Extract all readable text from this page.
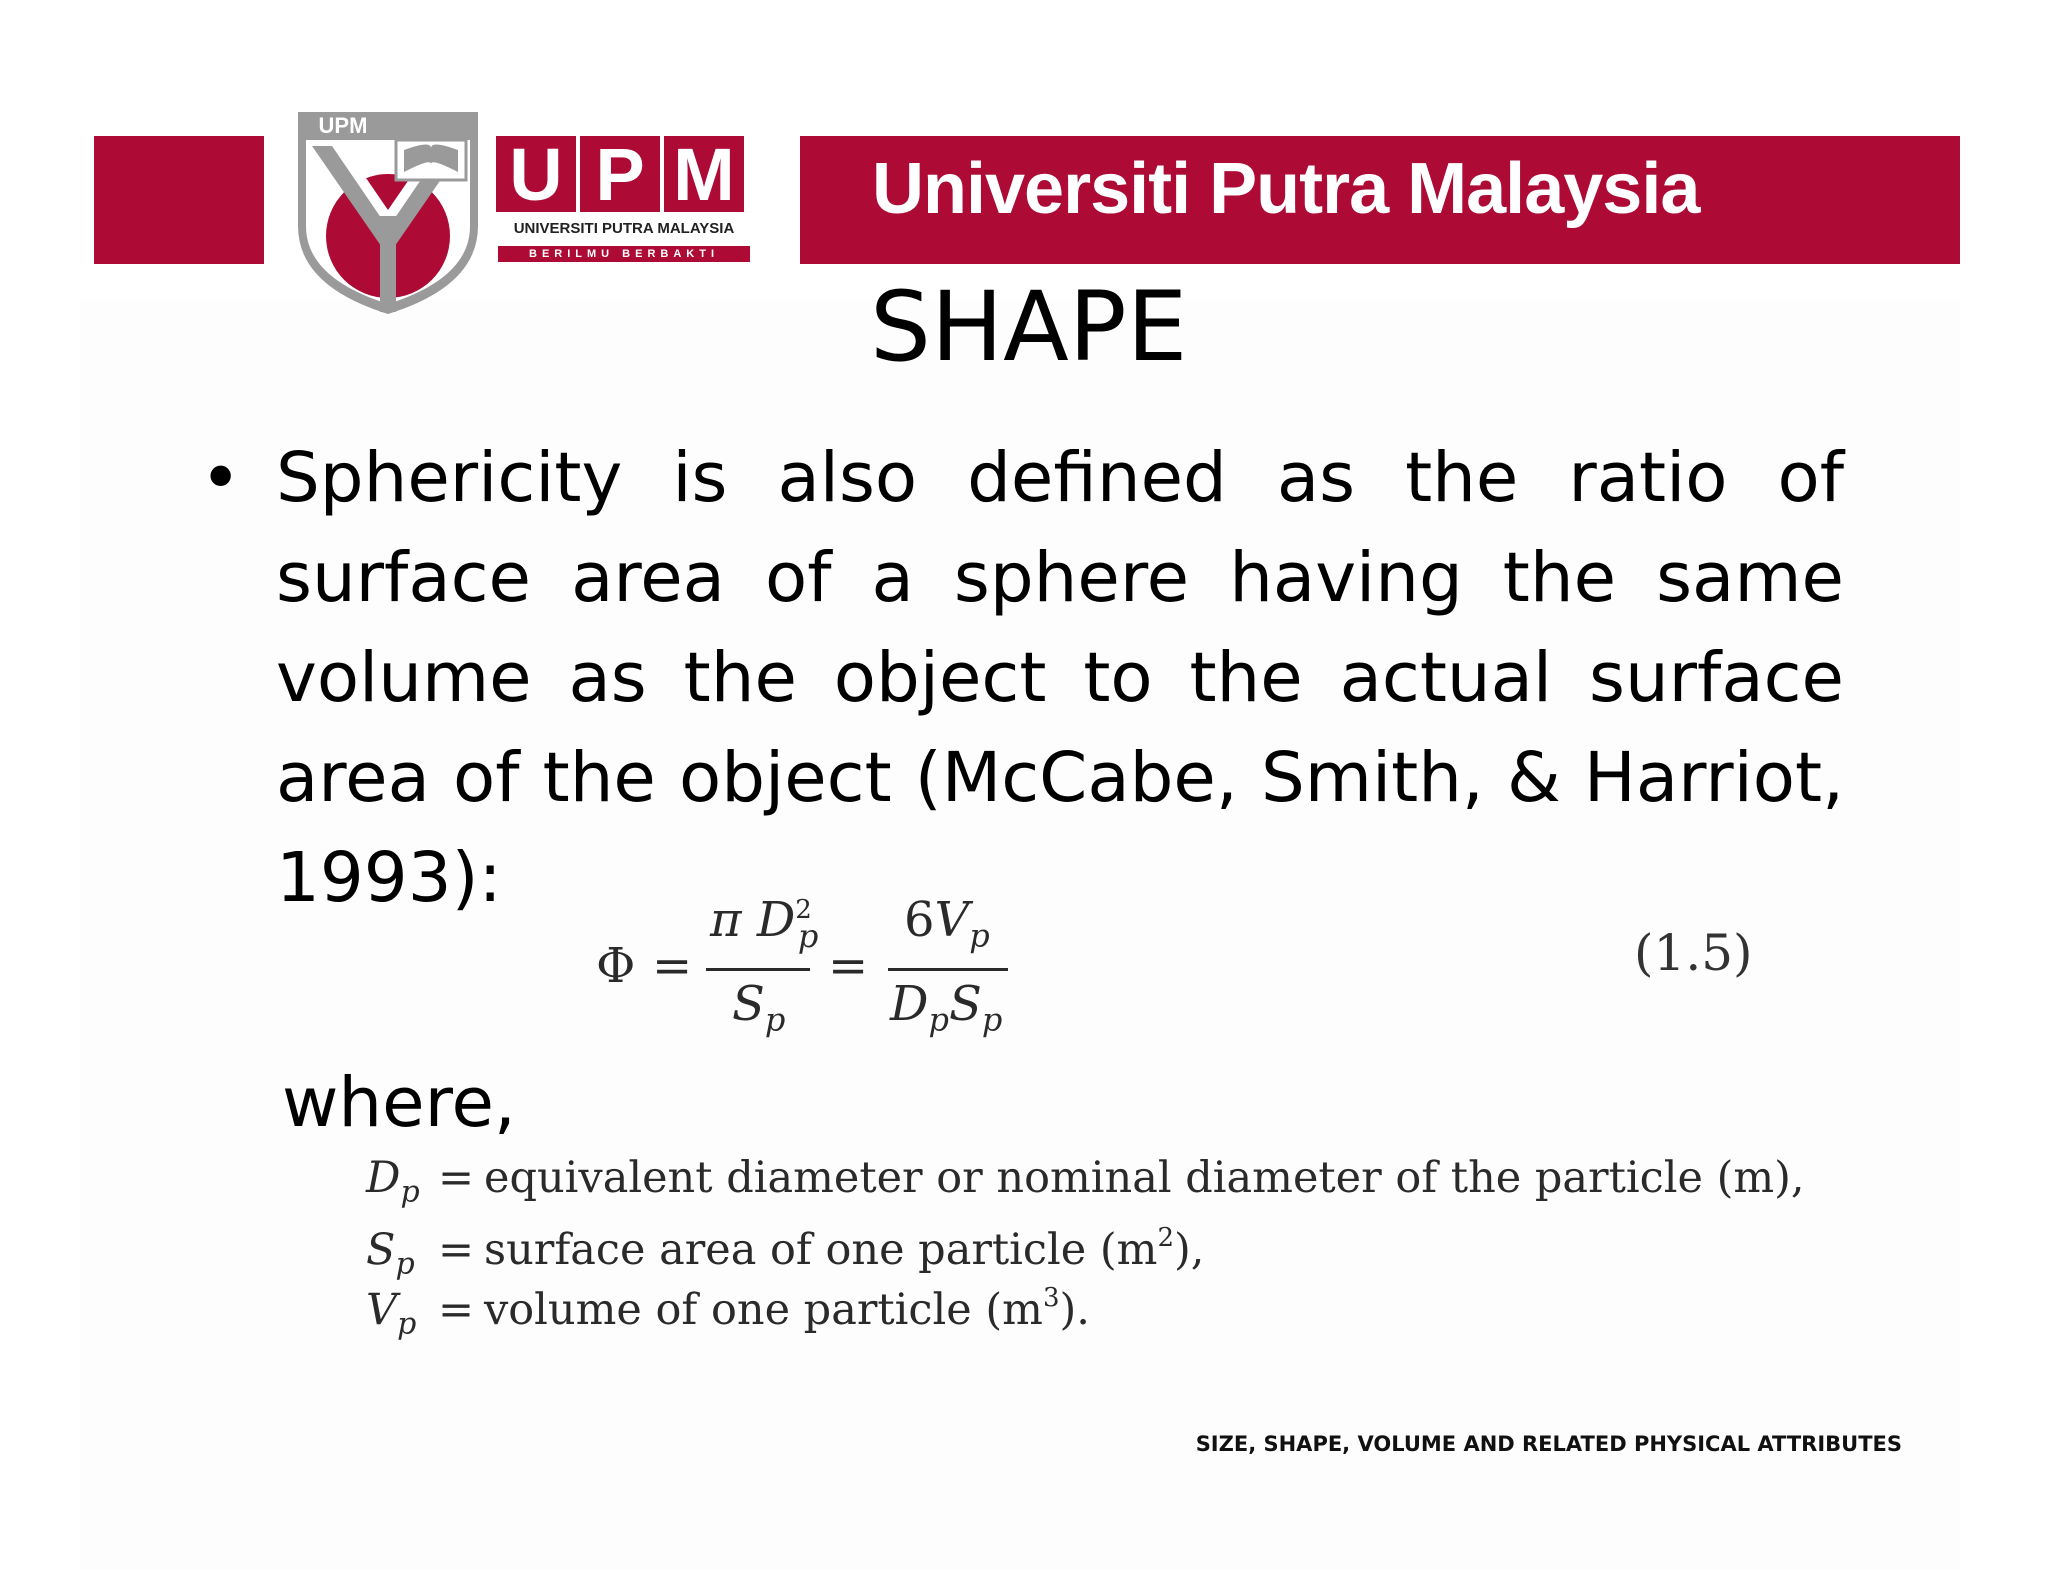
UPM
U P M
UNIVERSITI PUTRA MALAYSIA
BERILMU BERBAKTI
Universiti Putra Malaysia
SHAPE
• Sphericity is also defined as the ratio of surface area of a sphere having the same volume as the object to the actual surface area of the object (McCabe, Smith, & Harriot, 1993):
Φ =
π $D^2_p$
$S_p$
=
$6V_p$
$D_pS_p$
(1.5)
where,
$D_p$ = equivalent diameter or nominal diameter of the particle (m),
$S_p$ = surface area of one particle $(m^2)$,
$V_p$ = volume of one particle $(m^3)$.
SIZE, SHAPE, VOLUME AND RELATED PHYSICAL ATTRIBUTES
